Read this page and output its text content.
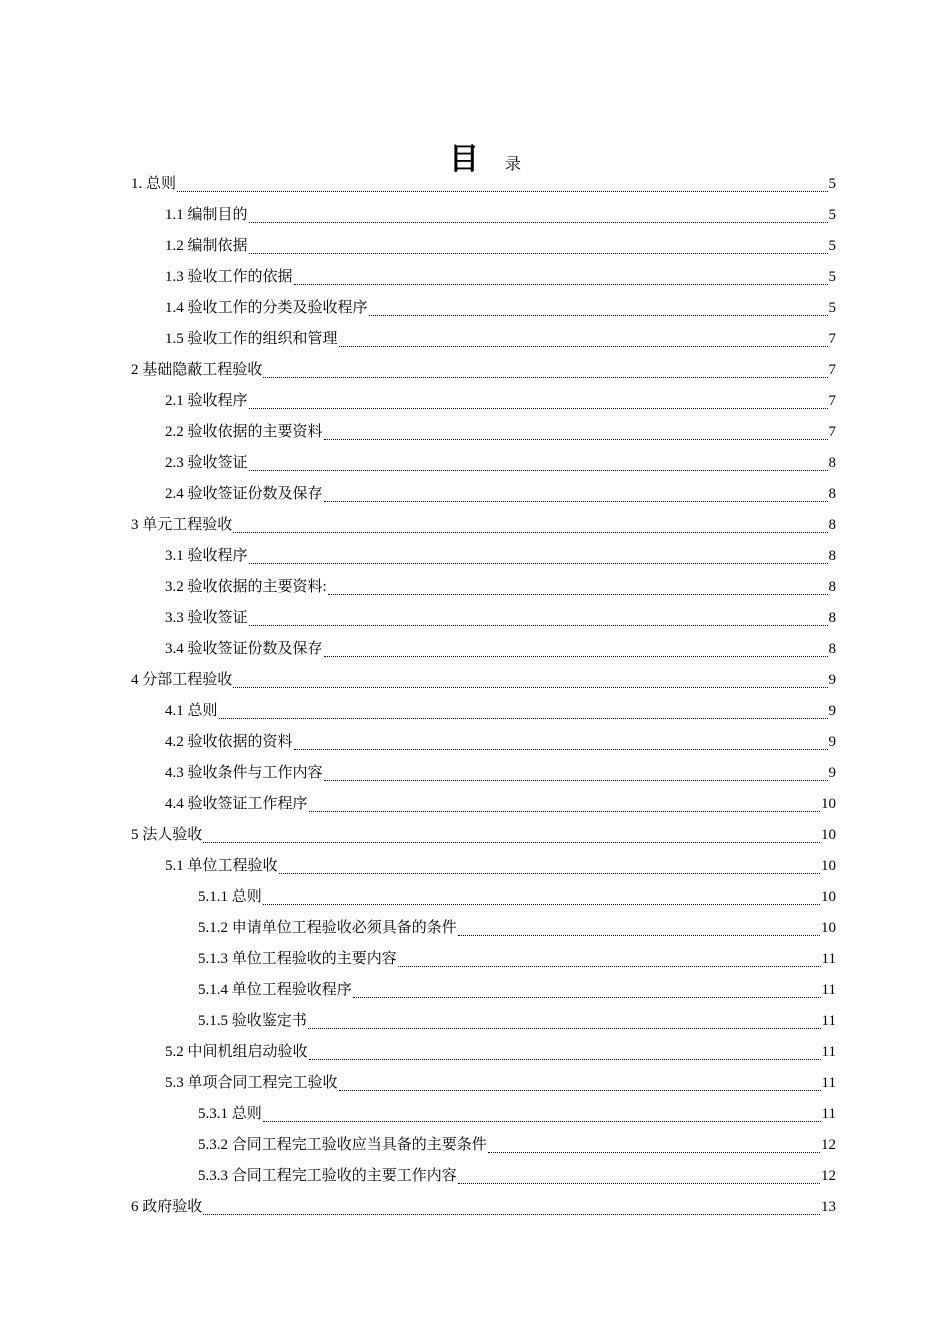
目 录
1. 总则	5
1.1 编制目的	5
1.2 编制依据	5
1.3 验收工作的依据	5
1.4 验收工作的分类及验收程序	5
1.5 验收工作的组织和管理	7
2 基础隐蔽工程验收	7
2.1 验收程序	7
2.2 验收依据的主要资料	7
2.3 验收签证	8
2.4 验收签证份数及保存	8
3 单元工程验收	8
3.1 验收程序	8
3.2 验收依据的主要资料:	8
3.3 验收签证	8
3.4 验收签证份数及保存	8
4 分部工程验收	9
4.1 总则	9
4.2 验收依据的资料	9
4.3 验收条件与工作内容	9
4.4 验收签证工作程序	10
5 法人验收	10
5.1 单位工程验收	10
5.1.1 总则	10
5.1.2 申请单位工程验收必须具备的条件	10
5.1.3 单位工程验收的主要内容	11
5.1.4 单位工程验收程序	11
5.1.5 验收鉴定书	11
5.2 中间机组启动验收	11
5.3 单项合同工程完工验收	11
5.3.1 总则	11
5.3.2 合同工程完工验收应当具备的主要条件	12
5.3.3 合同工程完工验收的主要工作内容	12
6 政府验收	13
